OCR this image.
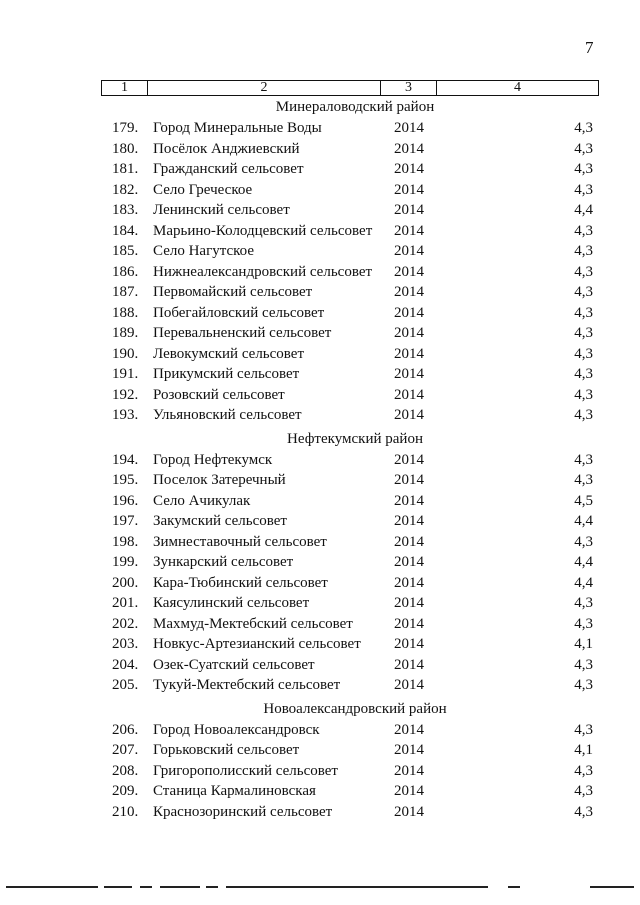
7
1	2	3	4
Минераловодский район
179. Город Минеральные Воды	2014	4,3
180. Посёлок Анджиевский	2014	4,3
181. Гражданский сельсовет	2014	4,3
182. Село Греческое	2014	4,3
183. Ленинский сельсовет	2014	4,4
184. Марьино-Колодцевский сельсовет	2014	4,3
185. Село Нагутское	2014	4,3
186. Нижнеалександровский сельсовет	2014	4,3
187. Первомайский сельсовет	2014	4,3
188. Побегайловский сельсовет	2014	4,3
189. Перевальненский сельсовет	2014	4,3
190. Левокумский сельсовет	2014	4,3
191. Прикумский сельсовет	2014	4,3
192. Розовский сельсовет	2014	4,3
193. Ульяновский сельсовет	2014	4,3
Нефтекумский район
194. Город Нефтекумск	2014	4,3
195. Поселок Затеречный	2014	4,3
196. Село Ачикулак	2014	4,5
197. Закумский сельсовет	2014	4,4
198. Зимнеставочный сельсовет	2014	4,3
199. Зункарский сельсовет	2014	4,4
200. Кара-Тюбинский сельсовет	2014	4,4
201. Каясулинский сельсовет	2014	4,3
202. Махмуд-Мектебский сельсовет	2014	4,3
203. Новкус-Артезианский сельсовет	2014	4,1
204. Озек-Суатский сельсовет	2014	4,3
205. Тукуй-Мектебский сельсовет	2014	4,3
Новоалександровский район
206. Город Новоалександровск	2014	4,3
207. Горьковский сельсовет	2014	4,1
208. Григорополисский сельсовет	2014	4,3
209. Станица Кармалиновская	2014	4,3
210. Краснозоринский сельсовет	2014	4,3
